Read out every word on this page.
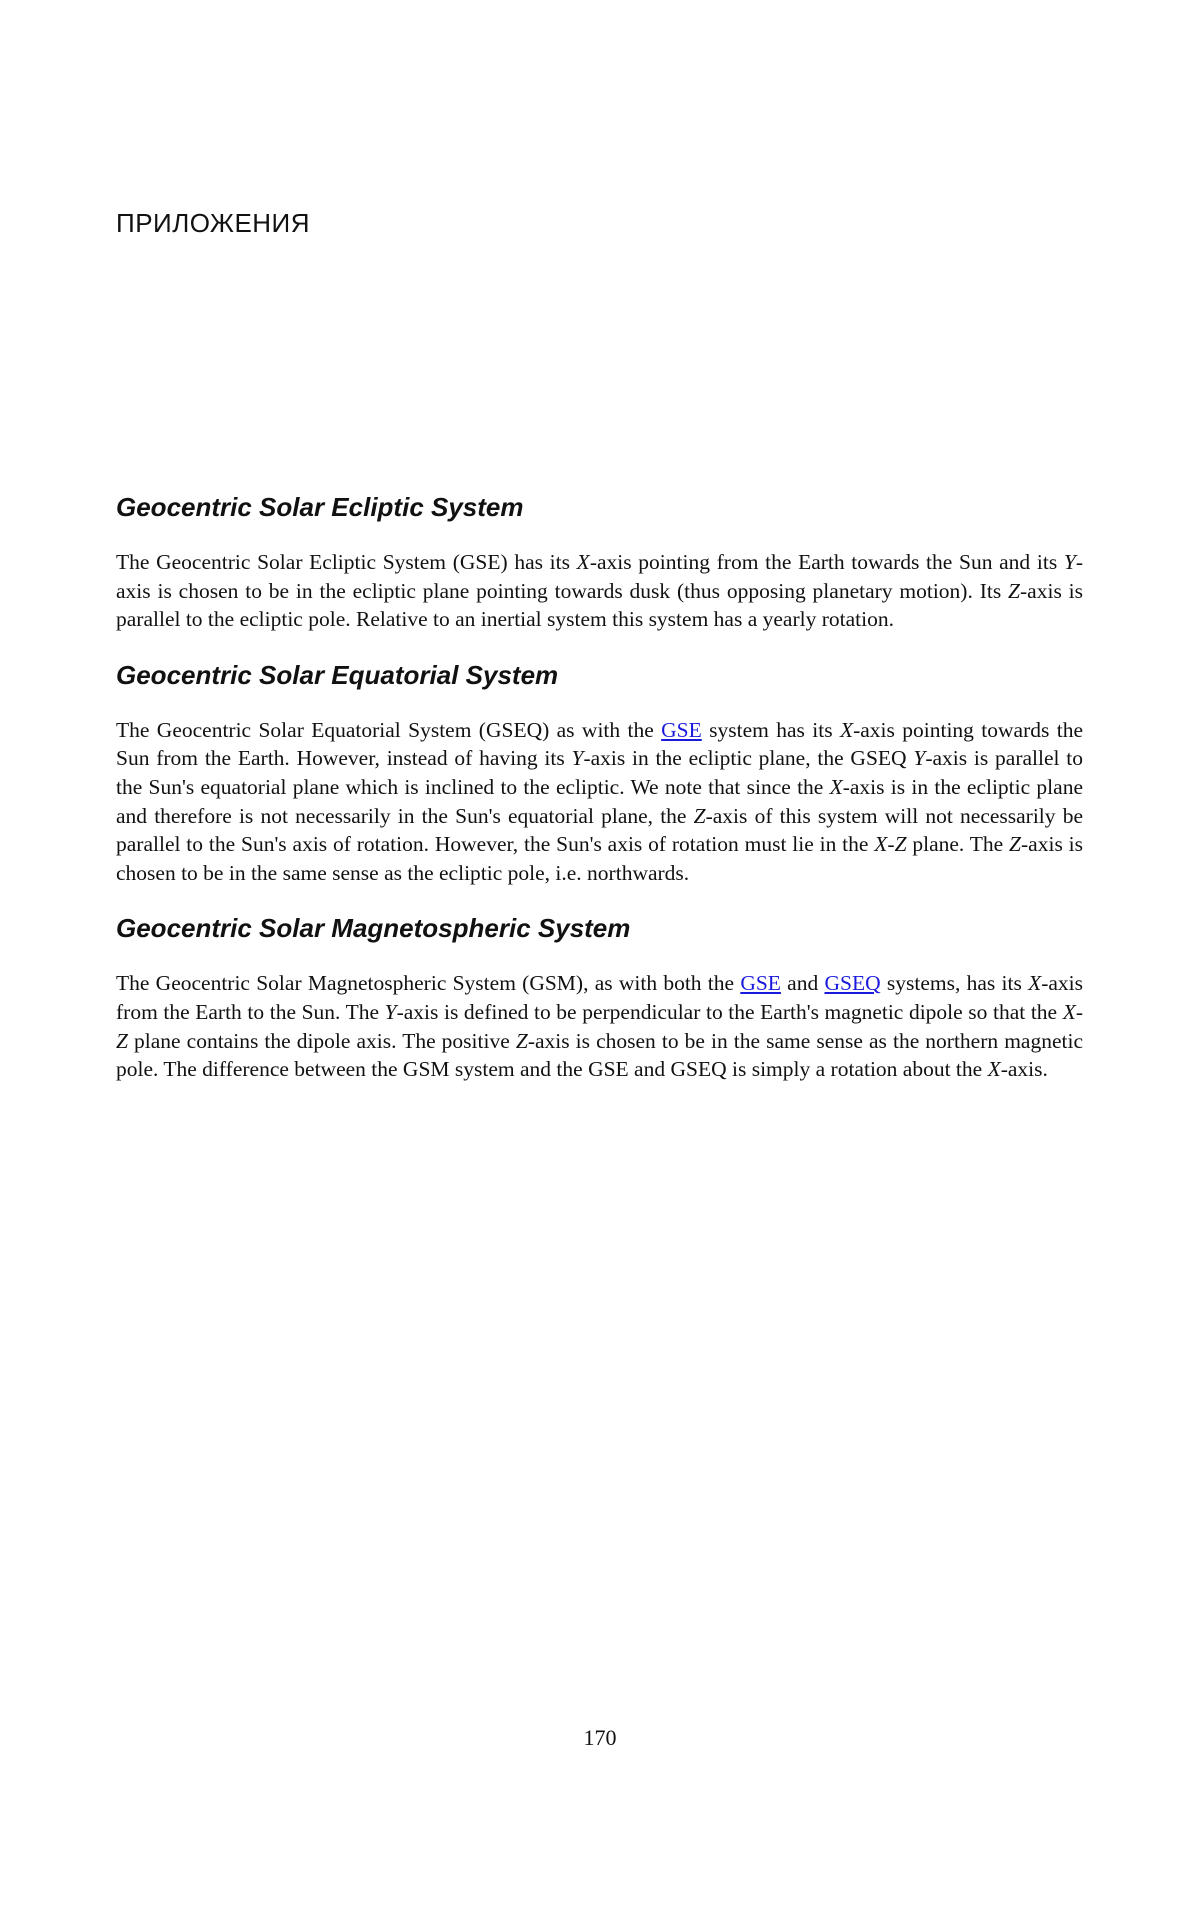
ПРИЛОЖЕНИЯ
Geocentric Solar Ecliptic System

The Geocentric Solar Ecliptic System (GSE) has its X-axis pointing from the Earth towards the Sun and its Y-axis is chosen to be in the ecliptic plane pointing towards dusk (thus opposing planetary motion). Its Z-axis is parallel to the ecliptic pole. Relative to an inertial system this system has a yearly rotation.

Geocentric Solar Equatorial System

The Geocentric Solar Equatorial System (GSEQ) as with the GSE system has its X-axis pointing towards the Sun from the Earth. However, instead of having its Y-axis in the ecliptic plane, the GSEQ Y-axis is parallel to the Sun's equatorial plane which is inclined to the ecliptic. We note that since the X-axis is in the ecliptic plane and therefore is not necessarily in the Sun's equatorial plane, the Z-axis of this system will not necessarily be parallel to the Sun's axis of rotation. However, the Sun's axis of rotation must lie in the X-Z plane. The Z-axis is chosen to be in the same sense as the ecliptic pole, i.e. northwards.

Geocentric Solar Magnetospheric System

The Geocentric Solar Magnetospheric System (GSM), as with both the GSE and GSEQ systems, has its X-axis from the Earth to the Sun. The Y-axis is defined to be perpendicular to the Earth's magnetic dipole so that the X-Z plane contains the dipole axis. The positive Z-axis is chosen to be in the same sense as the northern magnetic pole. The difference between the GSM system and the GSE and GSEQ is simply a rotation about the X-axis.

170
